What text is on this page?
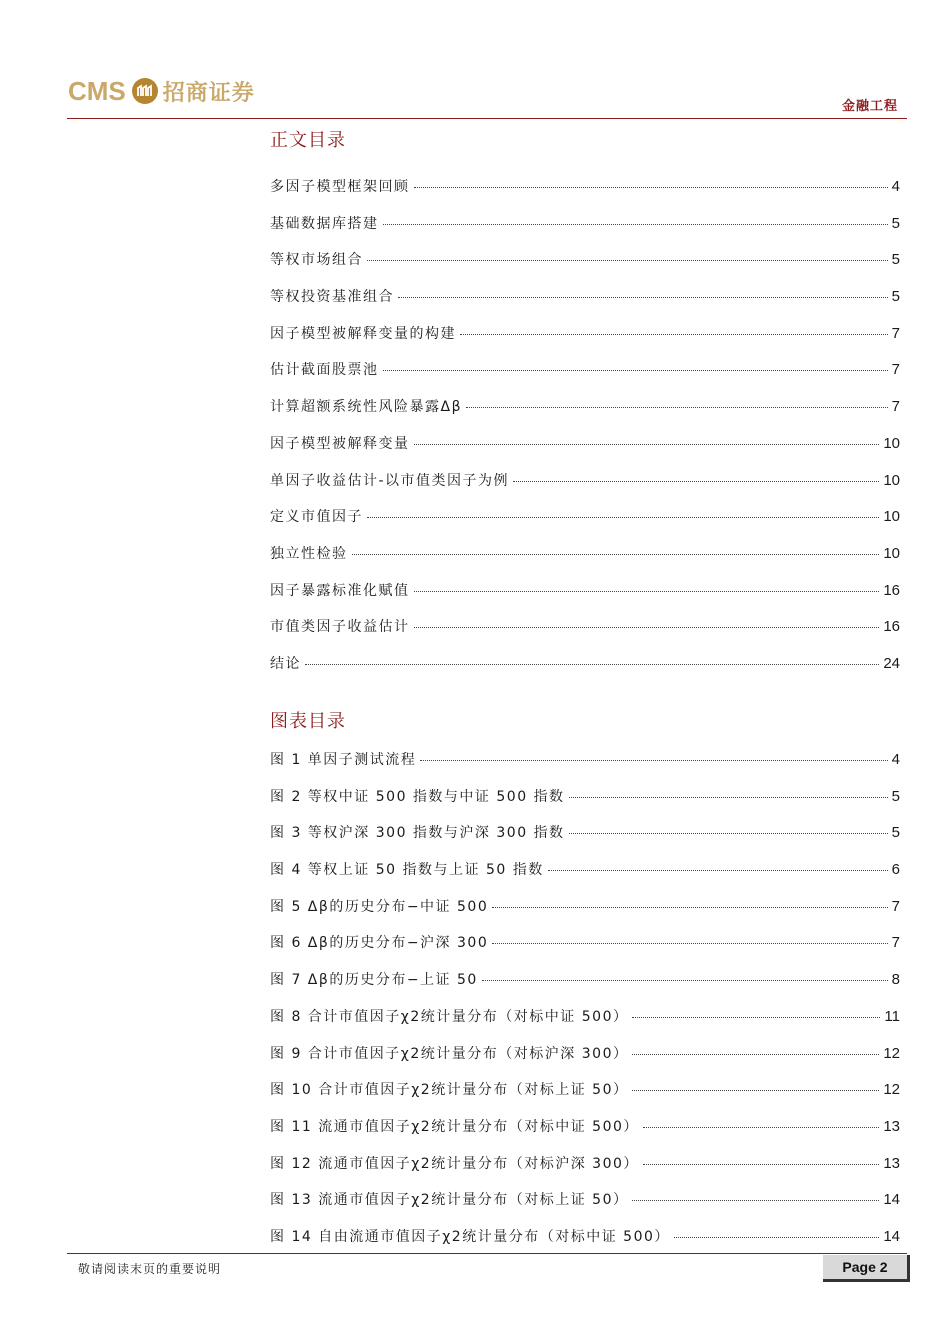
CMS 招商证券
金融工程
正文目录
多因子模型框架回顾	4
基础数据库搭建	5
等权市场组合	5
等权投资基准组合	5
因子模型被解释变量的构建	7
估计截面股票池	7
计算超额系统性风险暴露Δβ	7
因子模型被解释变量	10
单因子收益估计-以市值类因子为例	10
定义市值因子	10
独立性检验	10
因子暴露标准化赋值	16
市值类因子收益估计	16
结论	24
图表目录
图 1 单因子测试流程	4
图 2 等权中证 500 指数与中证 500 指数	5
图 3 等权沪深 300 指数与沪深 300 指数	5
图 4 等权上证 50 指数与上证 50 指数	6
图 5 Δβ的历史分布−中证 500	7
图 6 Δβ的历史分布−沪深 300	7
图 7 Δβ的历史分布−上证 50	8
图 8 合计市值因子χ2统计量分布（对标中证 500）	11
图 9 合计市值因子χ2统计量分布（对标沪深 300）	12
图 10 合计市值因子χ2统计量分布（对标上证 50）	12
图 11 流通市值因子χ2统计量分布（对标中证 500）	13
图 12 流通市值因子χ2统计量分布（对标沪深 300）	13
图 13 流通市值因子χ2统计量分布（对标上证 50）	14
图 14 自由流通市值因子χ2统计量分布（对标中证 500）	14
敬请阅读末页的重要说明	Page 2
